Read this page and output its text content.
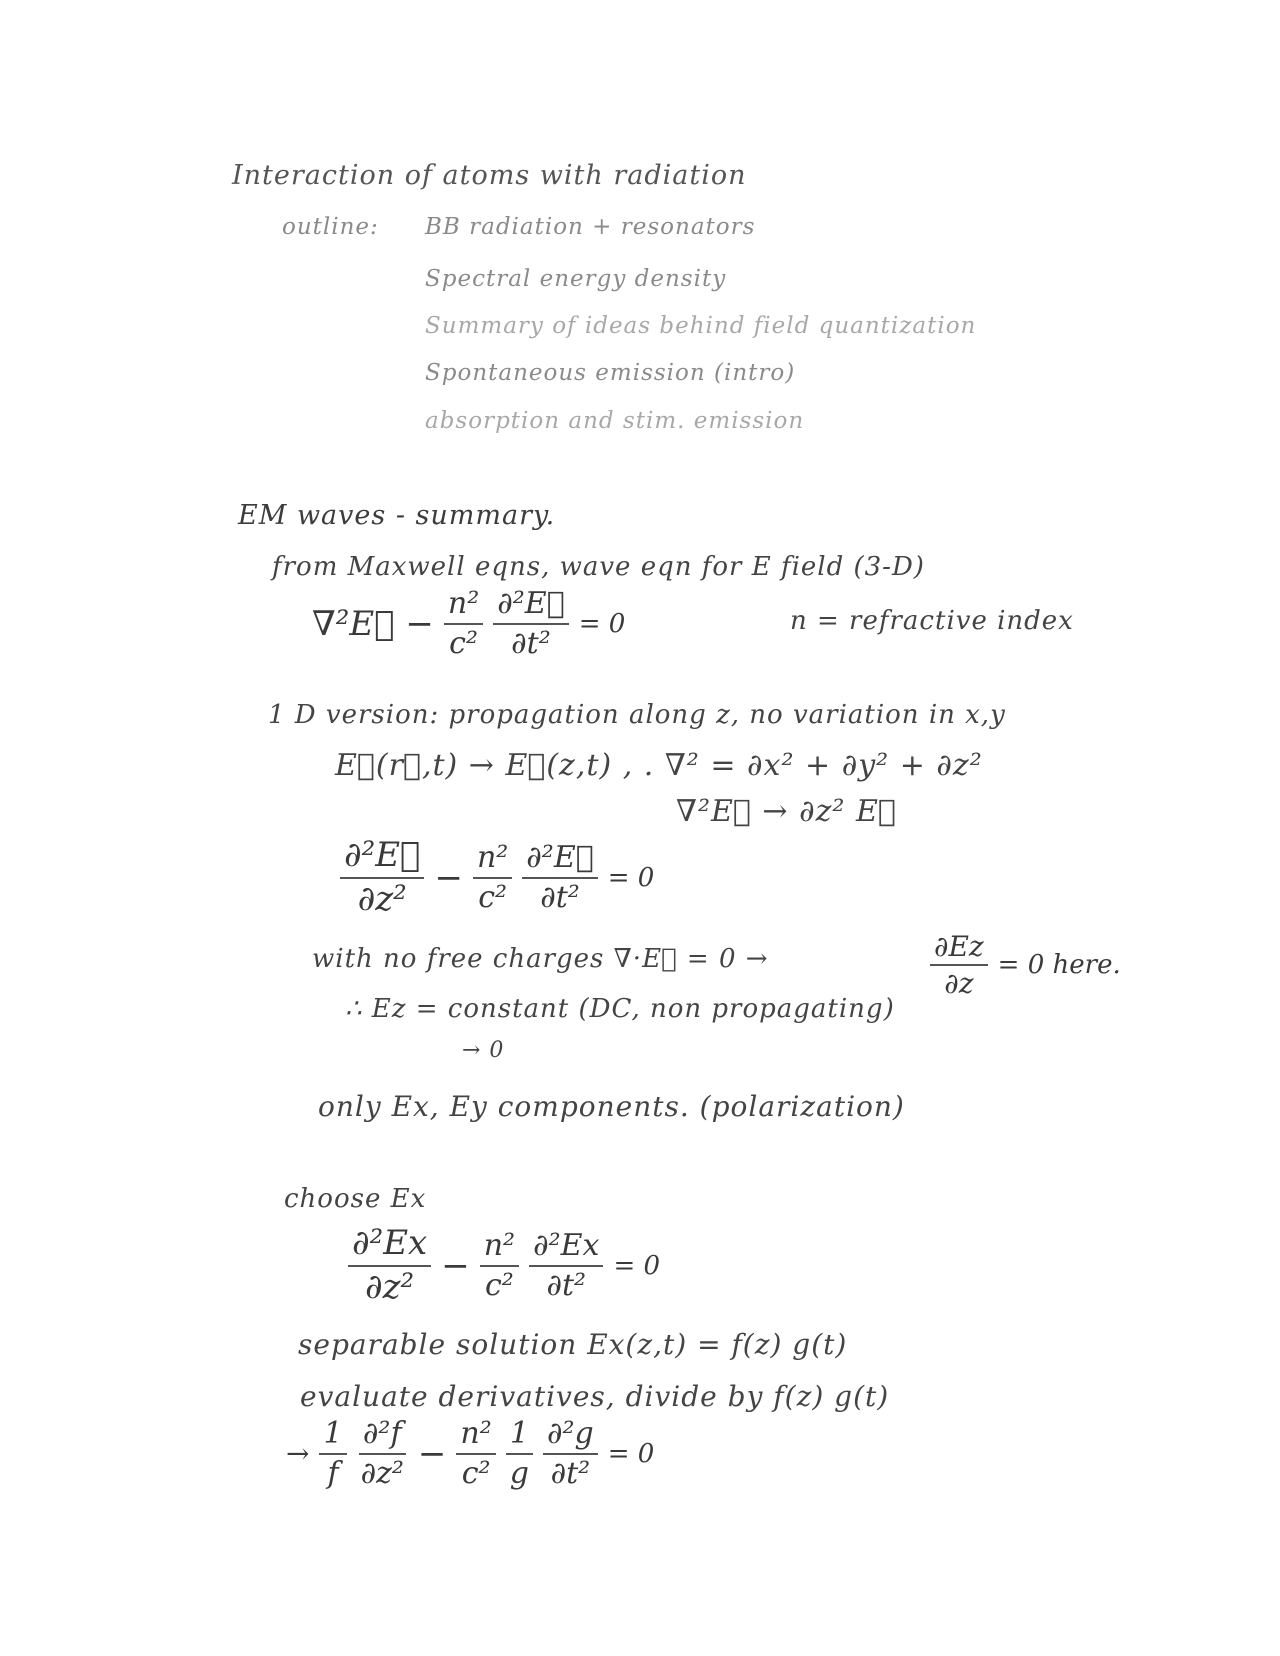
Interaction of atoms with radiation
outline: BB radiation + resonators
Spectral energy density
Summary of ideas behind field quantization
Spontaneous emission (intro)
absorption and stim. emission
EM waves - summary.
from Maxwell eqns, wave eqn for E field (3-D)
∇²E⃗ − $\frac{\text{n²}}{\text{c²}} \frac{\text{∂²E⃗}}{\text{∂t²}} = 0$	n = refractive index
1 D version: propagation along z, no variation in x,y
E⃗(r⃗,t) → E⃗(z,t) , . ∇² = ∂x² + ∂y² + ∂z²
∇²E⃗ → ∂z² E⃗
$\frac{\text{∂²E⃗}}{\text{∂z²}} - \frac{\text{n²}}{\text{c²}} \frac{\text{∂²E⃗}}{\text{∂t²}} = 0$
with no free charges ∇·E⃗ = 0 →	$\frac{\partial Ez}{\partial z} = 0$ here.
∴ Ez = constant (DC, non propagating)
→ 0
only Ex, Ey components. (polarization)
choose Ex
$\frac{\text{∂²Ex}}{\text{∂z²}} - \frac{\text{n²}}{\text{c²}} \frac{\text{∂²Ex}}{\text{∂t²}} = 0$
separable solution Ex(z,t) = f(z) g(t)
evaluate derivatives, divide by f(z) g(t)
→ $\frac{1}{f} \frac{\text{∂²f}}{\text{∂z²}} - \frac{\text{n²}}{\text{c²}} \frac{1}{g} \frac{\text{∂²g}}{\text{∂t²}} = 0$
